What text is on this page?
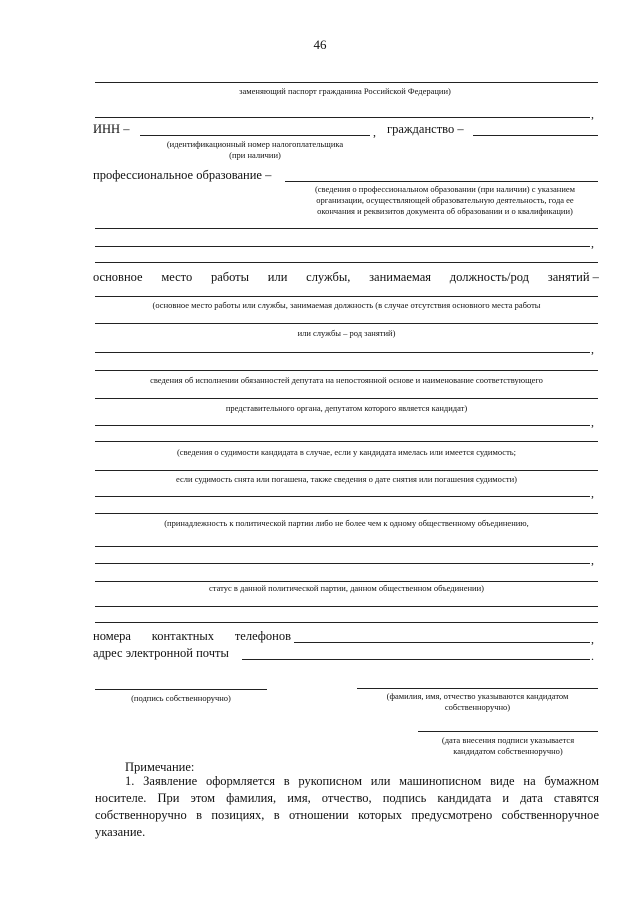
46
заменяющий паспорт гражданина Российской Федерации)
,
ИНН –	, гражданство –
(идентификационный номер налогоплательщика
(при наличии)
профессиональное образование –
(сведения о профессиональном образовании (при наличии) с указанием
организации, осуществляющей образовательную деятельность, года ее
окончания и реквизитов документа об образовании и о квалификации)
,
основное место работы или службы, занимаемая должность/род занятий –
(основное место работы или службы, занимаемая должность (в случае отсутствия основного места работы
или службы – род занятий)
,
сведения об исполнении обязанностей депутата на непостоянной основе и наименование соответствующего
представительного органа, депутатом которого является кандидат)
,
(сведения о судимости кандидата в случае, если у кандидата имелась или имеется судимость;
если судимость снята или погашена, также сведения о дате снятия или погашения судимости)
,
(принадлежность к политической партии либо не более чем к одному общественному объединению,
,
статус в данной политической партии, данном общественном объединении)
номера контактных телефонов	,
адрес электронной почты	.
(подпись собственноручно)	(фамилия, имя, отчество указываются кандидатом
собственноручно)
(дата внесения подписи указывается
кандидатом собственноручно)
Примечание:
1. Заявление оформляется в рукописном или машинописном виде на бумажном носителе. При этом фамилия, имя, отчество, подпись кандидата и дата ставятся собственноручно в позициях, в отношении которых предусмотрено собственноручное указание.
